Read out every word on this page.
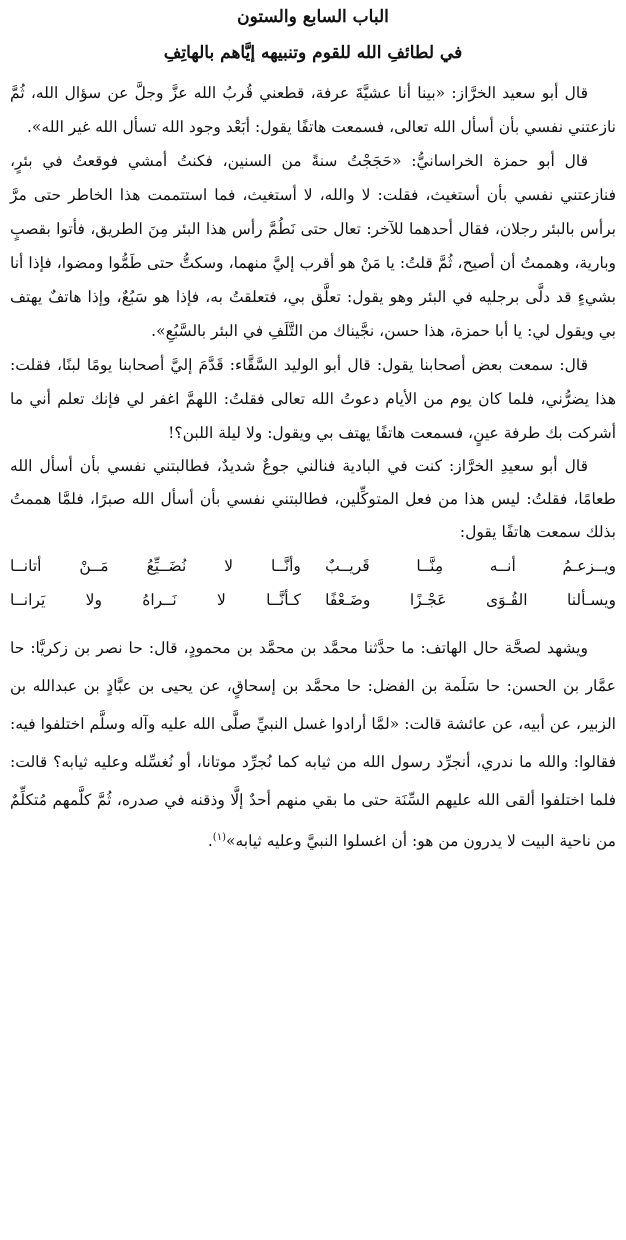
الباب السابع والستون

في لطائفِ الله للقوم وتنبيهه إيَّاهم بالهاتِفِ

قال أبو سعيد الخرَّاز: «بينا أنا عشيَّةَ عرفة، قطعني قُربُ الله عزَّ وجلَّ عن سؤال الله، ثُمَّ نازعتني نفسي بأن أسأل الله تعالى، فسمعت هاتفًا يقول: أبَعْد وجود الله تسأل الله غير الله».

قال أبو حمزة الخراسانيُّ: «حَجَجْتُ سنةً من السنين، فكنتُ أمشي فوقعتُ في بئرٍ، فنازعتني نفسي بأن أستغيث، فقلت: لا والله، لا أستغيث، فما استتممت هذا الخاطر حتى مرَّ برأس بالبئر رجلان، فقال أحدهما للآخر: تعال حتى نَطُمَّ رأس هذا البئر مِنَ الطريق، فأتوا بقصبٍ وبارية، وهممتُ أن أصيح، ثُمَّ قلتُ: يا مَنْ هو أقرب إليَّ منهما، وسكتُّ حتى طَمُّوا ومضوا، فإذا أنا بشيءٍ قد دلَّى برجليه في البئر وهو يقول: تعلَّق بي، فتعلقتُ به، فإذا هو سَبُعٌ، وإذا هاتفٌ يهتف بي ويقول لي: يا أبا حمزة، هذا حسن، نجَّيناك من التَّلَفِ في البئر بالسَّبُعِ».

قال: سمعت بعض أصحابنا يقول: قال أبو الوليد السَّقَّاء: قَدَّمَ إليَّ أصحابنا يومًا لبنًا، فقلت: هذا يضرُّني، فلما كان يوم من الأيام دعوتُ الله تعالى فقلتُ: اللهمَّ اغفر لي فإنك تعلم أني ما أشركت بك طرفة عينٍ، فسمعت هاتفًا يهتف بي ويقول: ولا ليلة اللبن؟!

قال أبو سعيدِ الخرَّاز: كنت في البادية فنالني جوعٌ شديدٌ، فطالبتني نفسي بأن أسأل الله طعامًا، فقلتُ: ليس هذا من فعل المتوكِّلين، فطالبتني نفسي بأن أسأل الله صبرًا، فلمَّا هممتُ بذلك سمعت هاتفًا يقول:

ويــزعـمُ أنــه مِنَّــا قَريــبٌ
وأنَّــا لا نُضَــيِّعُ مَــنْ أتانــا
ويسـألنا القُـوَى عَجْـزًا وضَـعْفًا
كـأنَّــا لا نَــراهُ ولا يَرانــا

ويشهد لصحَّة حال الهاتف: ما حدَّثنا محمَّد بن محمَّد بن محمودٍ، قال: حا نصر بن زكريَّا: حا عمَّار بن الحسن: حا سَلَمة بن الفضل: حا محمَّد بن إسحاقٍ، عن يحيى بن عبَّادٍ بن عبدالله بن الزبير، عن أبيه، عن عائشة قالت: «لمَّا أرادوا غسل النبيِّ صلَّى الله عليه وآله وسلَّم اختلفوا فيه: فقالوا: والله ما ندري، أنجرِّد رسول الله من ثيابه كما نُجرِّد موتانا، أو نُغسِّله وعليه ثيابه؟ قالت: فلما اختلفوا ألقى الله عليهم السِّنَة حتى ما بقي منهم أحدٌ إلَّا وذقنه في صدره، ثُمَّ كلَّمهم مُتكلِّمٌ من ناحية البيت لا يدرون من هو: أن اغسلوا النبيَّ وعليه ثيابه»$^{(١)}$.
